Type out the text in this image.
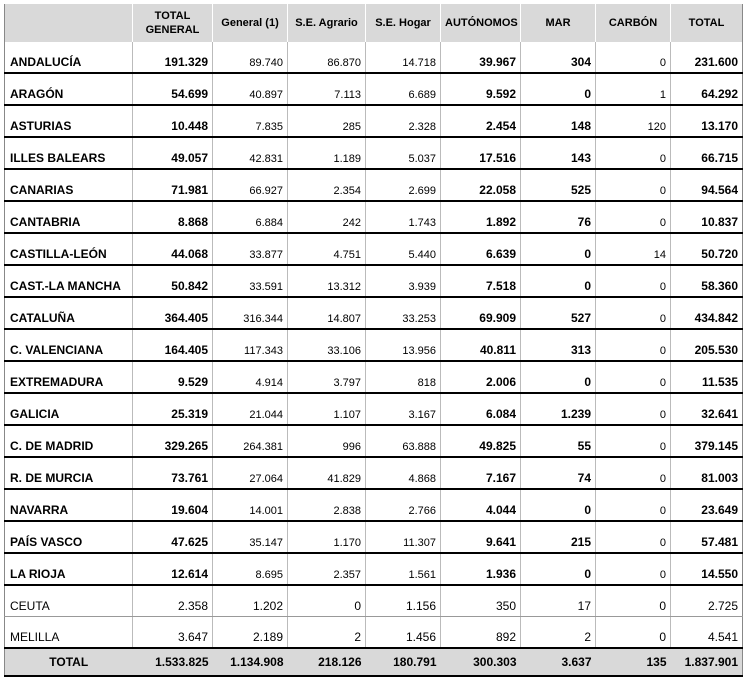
	TOTAL GENERAL	General (1)	S.E. Agrario	S.E. Hogar	AUTÓNOMOS	MAR	CARBÓN	TOTAL
ANDALUCÍA	191.329	89.740	86.870	14.718	39.967	304	0	231.600
ARAGÓN	54.699	40.897	7.113	6.689	9.592	0	1	64.292
ASTURIAS	10.448	7.835	285	2.328	2.454	148	120	13.170
ILLES BALEARS	49.057	42.831	1.189	5.037	17.516	143	0	66.715
CANARIAS	71.981	66.927	2.354	2.699	22.058	525	0	94.564
CANTABRIA	8.868	6.884	242	1.743	1.892	76	0	10.837
CASTILLA-LEÓN	44.068	33.877	4.751	5.440	6.639	0	14	50.720
CAST.-LA MANCHA	50.842	33.591	13.312	3.939	7.518	0	0	58.360
CATALUÑA	364.405	316.344	14.807	33.253	69.909	527	0	434.842
C. VALENCIANA	164.405	117.343	33.106	13.956	40.811	313	0	205.530
EXTREMADURA	9.529	4.914	3.797	818	2.006	0	0	11.535
GALICIA	25.319	21.044	1.107	3.167	6.084	1.239	0	32.641
C. DE MADRID	329.265	264.381	996	63.888	49.825	55	0	379.145
R. DE MURCIA	73.761	27.064	41.829	4.868	7.167	74	0	81.003
NAVARRA	19.604	14.001	2.838	2.766	4.044	0	0	23.649
PAÍS VASCO	47.625	35.147	1.170	11.307	9.641	215	0	57.481
LA RIOJA	12.614	8.695	2.357	1.561	1.936	0	0	14.550
CEUTA	2.358	1.202	0	1.156	350	17	0	2.725
MELILLA	3.647	2.189	2	1.456	892	2	0	4.541
TOTAL	1.533.825	1.134.908	218.126	180.791	300.303	3.637	135	1.837.901
